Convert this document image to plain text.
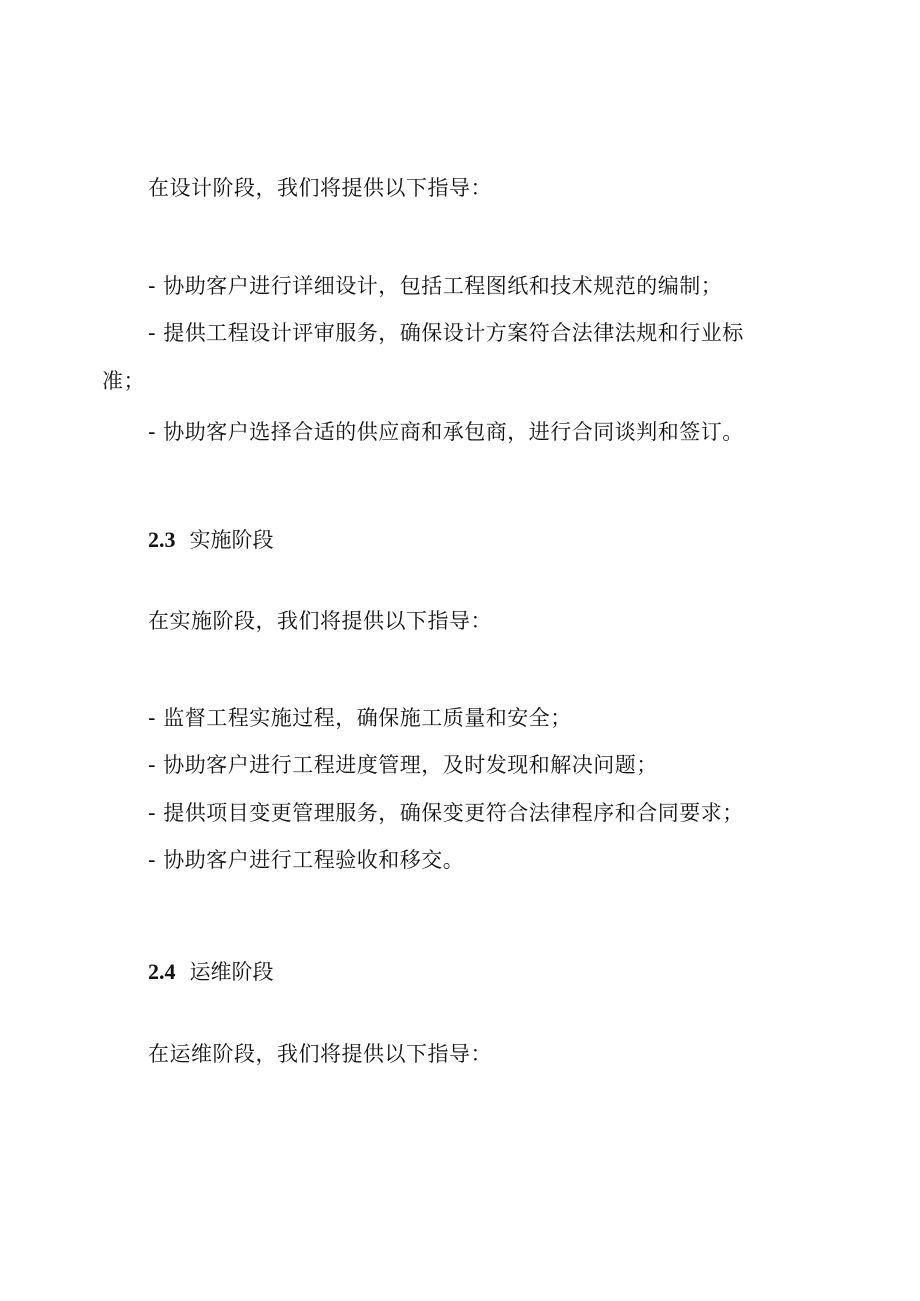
在设计阶段，我们将提供以下指导：
- 协助客户进行详细设计，包括工程图纸和技术规范的编制；
- 提供工程设计评审服务，确保设计方案符合法律法规和行业标
准；
- 协助客户选择合适的供应商和承包商，进行合同谈判和签订。
2.3 实施阶段
在实施阶段，我们将提供以下指导：
- 监督工程实施过程，确保施工质量和安全；
- 协助客户进行工程进度管理，及时发现和解决问题；
- 提供项目变更管理服务，确保变更符合法律程序和合同要求；
- 协助客户进行工程验收和移交。
2.4 运维阶段
在运维阶段，我们将提供以下指导：
